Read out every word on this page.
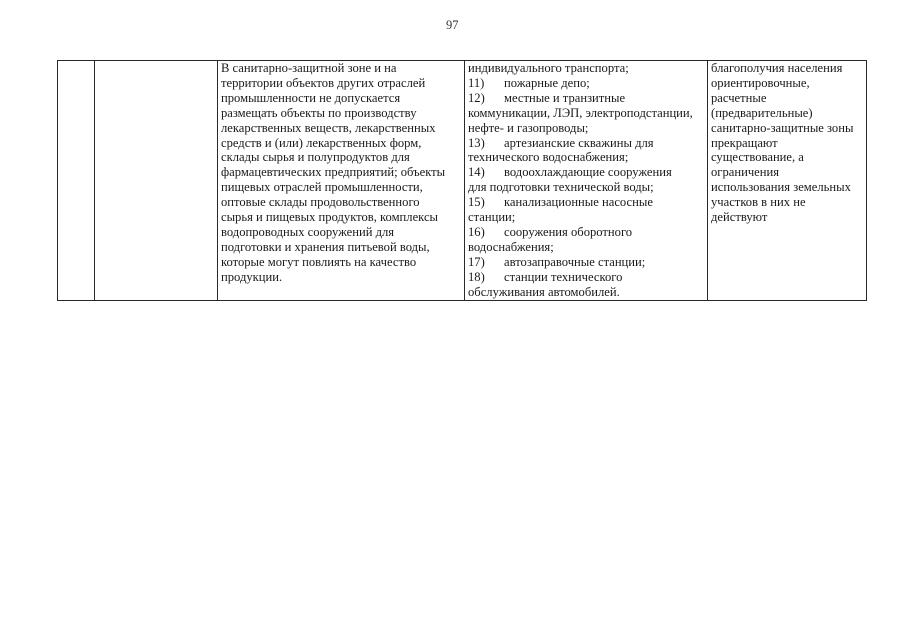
97

В санитарно-защитной зоне и на
территории объектов других отраслей
промышленности не допускается
размещать объекты по производству
лекарственных веществ, лекарственных
средств и (или) лекарственных форм,
склады сырья и полупродуктов для
фармацевтических предприятий; объекты
пищевых отраслей промышленности,
оптовые склады продовольственного
сырья и пищевых продуктов, комплексы
водопроводных сооружений для
подготовки и хранения питьевой воды,
которые могут повлиять на качество
продукции.

индивидуального транспорта;
11) пожарные депо;
12) местные и транзитные
коммуникации, ЛЭП, электроподстанции,
нефте- и газопроводы;
13) артезианские скважины для
технического водоснабжения;
14) водоохлаждающие сооружения
для подготовки технической воды;
15) канализационные насосные
станции;
16) сооружения оборотного
водоснабжения;
17) автозаправочные станции;
18) станции технического
обслуживания автомобилей.

благополучия населения
ориентировочные,
расчетные
(предварительные)
санитарно-защитные зоны
прекращают
существование, а
ограничения
использования земельных
участков в них не
действуют
